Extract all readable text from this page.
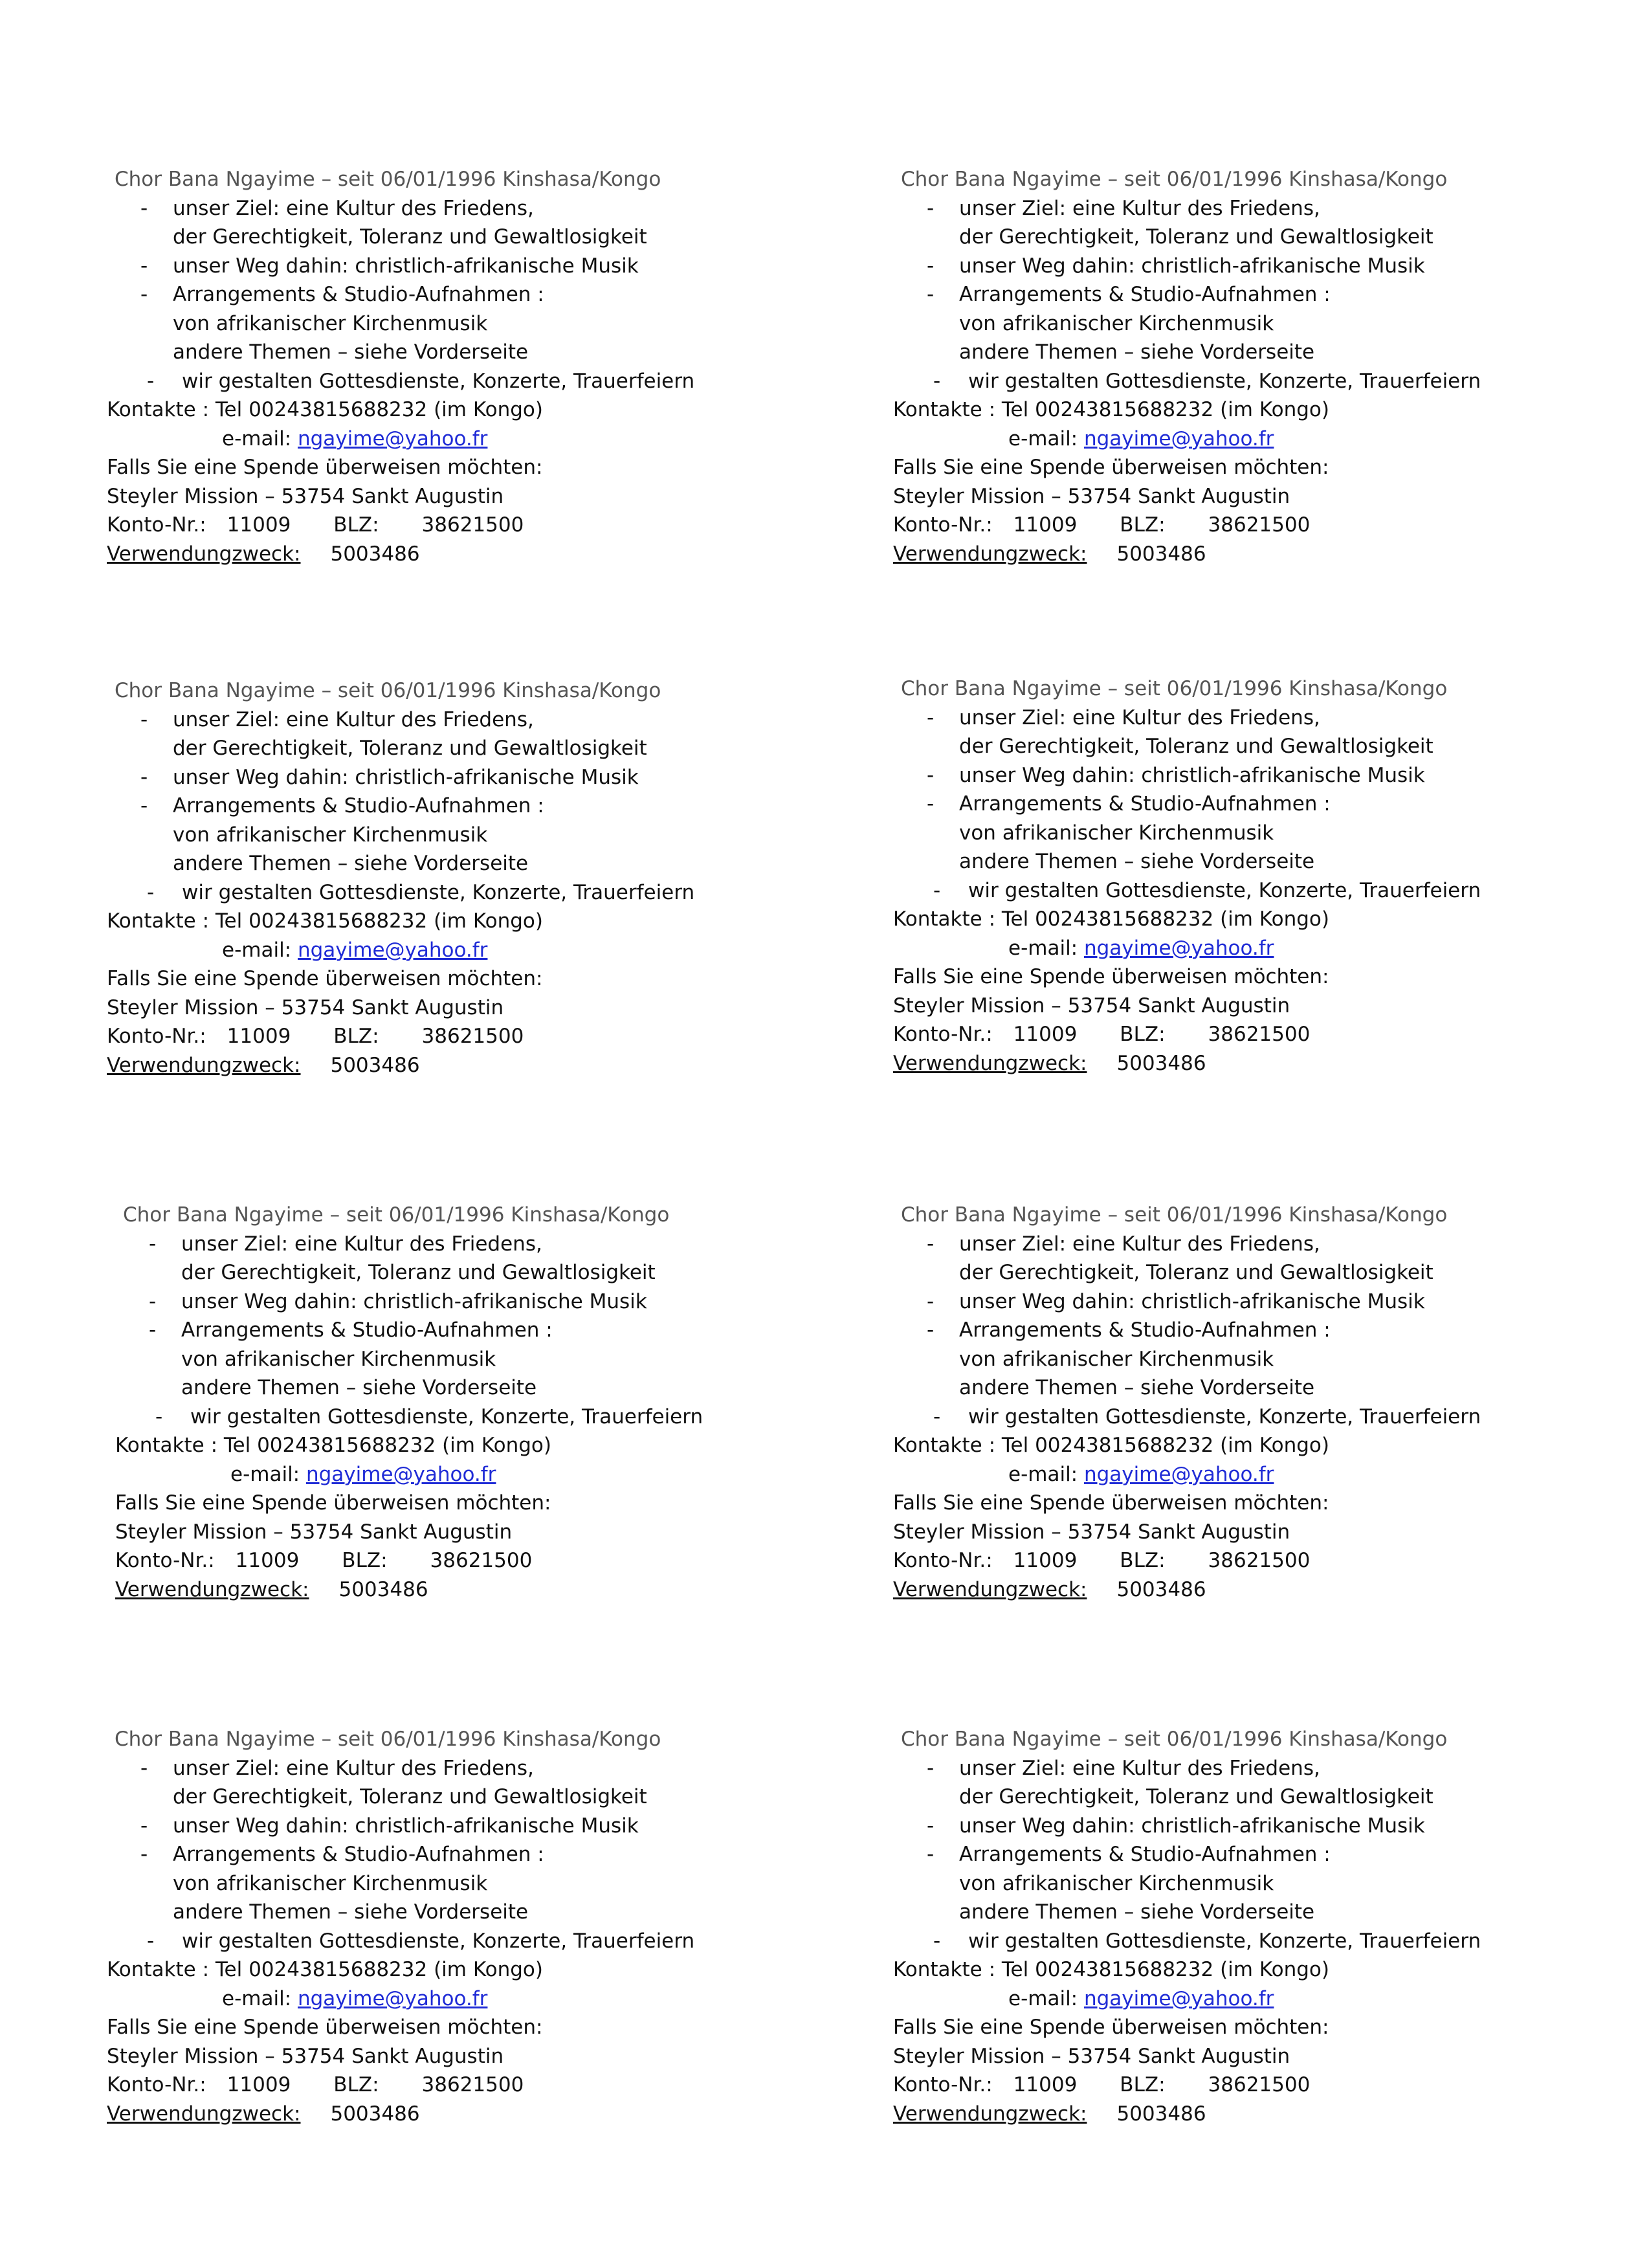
Chor Bana Ngayime – seit 06/01/1996 Kinshasa/Kongo
- unser Ziel: eine Kultur des Friedens,
der Gerechtigkeit, Toleranz und Gewaltlosigkeit
- unser Weg dahin: christlich-afrikanische Musik
- Arrangements & Studio-Aufnahmen :
von afrikanischer Kirchenmusik
andere Themen – siehe Vorderseite
- wir gestalten Gottesdienste, Konzerte, Trauerfeiern
Kontakte : Tel 00243815688232 (im Kongo)
e-mail: ngayime@yahoo.fr
Falls Sie eine Spende überweisen möchten:
Steyler Mission – 53754 Sankt Augustin
Konto-Nr.: 11009 BLZ: 38621500
Verwendungzweck: 5003486
Chor Bana Ngayime – seit 06/01/1996 Kinshasa/Kongo
- unser Ziel: eine Kultur des Friedens,
der Gerechtigkeit, Toleranz und Gewaltlosigkeit
- unser Weg dahin: christlich-afrikanische Musik
- Arrangements & Studio-Aufnahmen :
von afrikanischer Kirchenmusik
andere Themen – siehe Vorderseite
- wir gestalten Gottesdienste, Konzerte, Trauerfeiern
Kontakte : Tel 00243815688232 (im Kongo)
e-mail: ngayime@yahoo.fr
Falls Sie eine Spende überweisen möchten:
Steyler Mission – 53754 Sankt Augustin
Konto-Nr.: 11009 BLZ: 38621500
Verwendungzweck: 5003486
Chor Bana Ngayime – seit 06/01/1996 Kinshasa/Kongo
- unser Ziel: eine Kultur des Friedens,
der Gerechtigkeit, Toleranz und Gewaltlosigkeit
- unser Weg dahin: christlich-afrikanische Musik
- Arrangements & Studio-Aufnahmen :
von afrikanischer Kirchenmusik
andere Themen – siehe Vorderseite
- wir gestalten Gottesdienste, Konzerte, Trauerfeiern
Kontakte : Tel 00243815688232 (im Kongo)
e-mail: ngayime@yahoo.fr
Falls Sie eine Spende überweisen möchten:
Steyler Mission – 53754 Sankt Augustin
Konto-Nr.: 11009 BLZ: 38621500
Verwendungzweck: 5003486
Chor Bana Ngayime – seit 06/01/1996 Kinshasa/Kongo
- unser Ziel: eine Kultur des Friedens,
der Gerechtigkeit, Toleranz und Gewaltlosigkeit
- unser Weg dahin: christlich-afrikanische Musik
- Arrangements & Studio-Aufnahmen :
von afrikanischer Kirchenmusik
andere Themen – siehe Vorderseite
- wir gestalten Gottesdienste, Konzerte, Trauerfeiern
Kontakte : Tel 00243815688232 (im Kongo)
e-mail: ngayime@yahoo.fr
Falls Sie eine Spende überweisen möchten:
Steyler Mission – 53754 Sankt Augustin
Konto-Nr.: 11009 BLZ: 38621500
Verwendungzweck: 5003486
Chor Bana Ngayime – seit 06/01/1996 Kinshasa/Kongo
- unser Ziel: eine Kultur des Friedens,
der Gerechtigkeit, Toleranz und Gewaltlosigkeit
- unser Weg dahin: christlich-afrikanische Musik
- Arrangements & Studio-Aufnahmen :
von afrikanischer Kirchenmusik
andere Themen – siehe Vorderseite
- wir gestalten Gottesdienste, Konzerte, Trauerfeiern
Kontakte : Tel 00243815688232 (im Kongo)
e-mail: ngayime@yahoo.fr
Falls Sie eine Spende überweisen möchten:
Steyler Mission – 53754 Sankt Augustin
Konto-Nr.: 11009 BLZ: 38621500
Verwendungzweck: 5003486
Chor Bana Ngayime – seit 06/01/1996 Kinshasa/Kongo
- unser Ziel: eine Kultur des Friedens,
der Gerechtigkeit, Toleranz und Gewaltlosigkeit
- unser Weg dahin: christlich-afrikanische Musik
- Arrangements & Studio-Aufnahmen :
von afrikanischer Kirchenmusik
andere Themen – siehe Vorderseite
- wir gestalten Gottesdienste, Konzerte, Trauerfeiern
Kontakte : Tel 00243815688232 (im Kongo)
e-mail: ngayime@yahoo.fr
Falls Sie eine Spende überweisen möchten:
Steyler Mission – 53754 Sankt Augustin
Konto-Nr.: 11009 BLZ: 38621500
Verwendungzweck: 5003486
Chor Bana Ngayime – seit 06/01/1996 Kinshasa/Kongo
- unser Ziel: eine Kultur des Friedens,
der Gerechtigkeit, Toleranz und Gewaltlosigkeit
- unser Weg dahin: christlich-afrikanische Musik
- Arrangements & Studio-Aufnahmen :
von afrikanischer Kirchenmusik
andere Themen – siehe Vorderseite
- wir gestalten Gottesdienste, Konzerte, Trauerfeiern
Kontakte : Tel 00243815688232 (im Kongo)
e-mail: ngayime@yahoo.fr
Falls Sie eine Spende überweisen möchten:
Steyler Mission – 53754 Sankt Augustin
Konto-Nr.: 11009 BLZ: 38621500
Verwendungzweck: 5003486
Chor Bana Ngayime – seit 06/01/1996 Kinshasa/Kongo
- unser Ziel: eine Kultur des Friedens,
der Gerechtigkeit, Toleranz und Gewaltlosigkeit
- unser Weg dahin: christlich-afrikanische Musik
- Arrangements & Studio-Aufnahmen :
von afrikanischer Kirchenmusik
andere Themen – siehe Vorderseite
- wir gestalten Gottesdienste, Konzerte, Trauerfeiern
Kontakte : Tel 00243815688232 (im Kongo)
e-mail: ngayime@yahoo.fr
Falls Sie eine Spende überweisen möchten:
Steyler Mission – 53754 Sankt Augustin
Konto-Nr.: 11009 BLZ: 38621500
Verwendungzweck: 5003486
